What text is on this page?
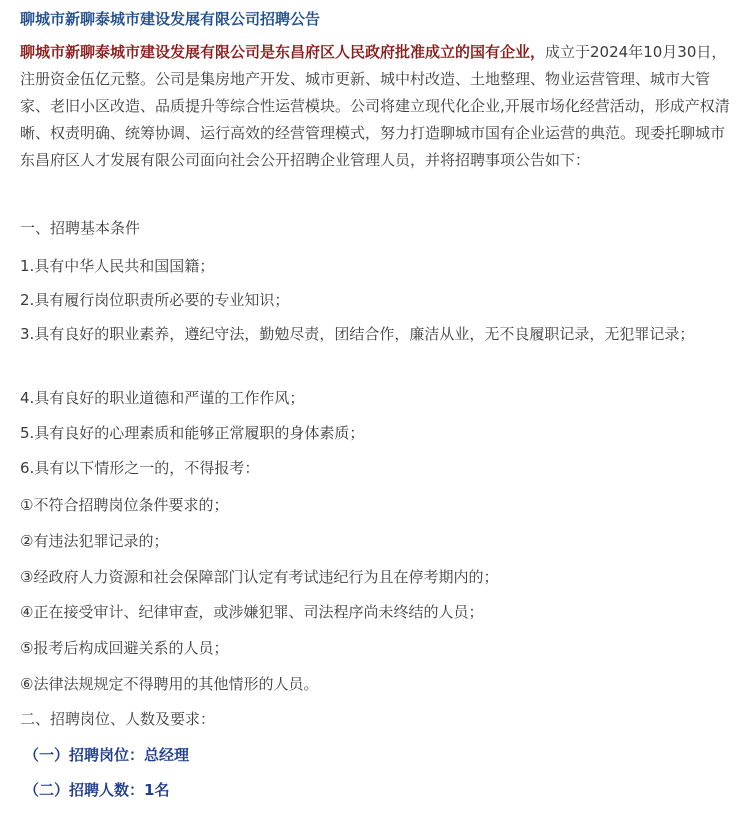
聊城市新聊泰城市建设发展有限公司招聘公告
聊城市新聊泰城市建设发展有限公司是东昌府区人民政府批准成立的国有企业，成立于2024年10月30日，注册资金伍亿元整。公司是集房地产开发、城市更新、城中村改造、土地整理、物业运营管理、城市大管家、老旧小区改造、品质提升等综合性运营模块。公司将建立现代化企业,开展市场化经营活动，形成产权清晰、权责明确、统筹协调、运行高效的经营管理模式，努力打造聊城市国有企业运营的典范。现委托聊城市东昌府区人才发展有限公司面向社会公开招聘企业管理人员，并将招聘事项公告如下：
一、招聘基本条件
1.具有中华人民共和国国籍；
2.具有履行岗位职责所必要的专业知识；
3.具有良好的职业素养，遵纪守法，勤勉尽责，团结合作，廉洁从业，无不良履职记录，无犯罪记录；
4.具有良好的职业道德和严谨的工作作风；
5.具有良好的心理素质和能够正常履职的身体素质；
6.具有以下情形之一的，不得报考：
①不符合招聘岗位条件要求的；
②有违法犯罪记录的；
③经政府人力资源和社会保障部门认定有考试违纪行为且在停考期内的；
④正在接受审计、纪律审查，或涉嫌犯罪、司法程序尚未终结的人员；
⑤报考后构成回避关系的人员；
⑥法律法规规定不得聘用的其他情形的人员。
二、招聘岗位、人数及要求：
（一）招聘岗位：总经理
（二）招聘人数：1名
